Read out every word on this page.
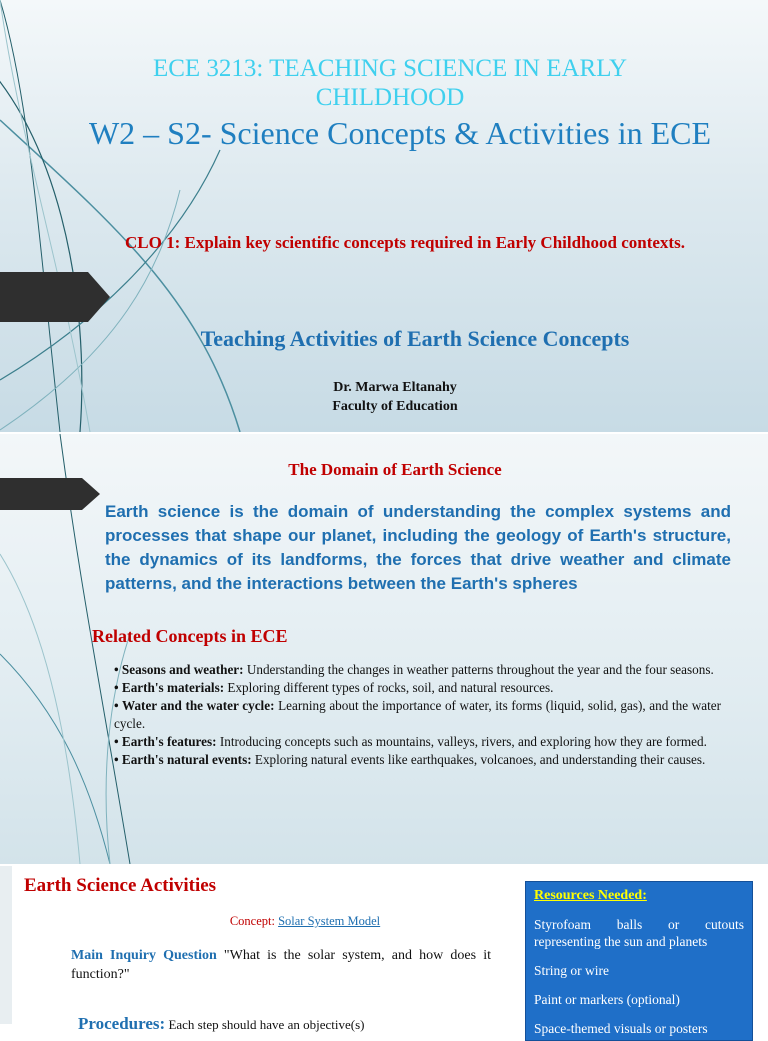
ECE 3213: TEACHING SCIENCE IN EARLY CHILDHOOD
W2 – S2- Science Concepts & Activities in ECE
CLO 1: Explain key scientific concepts required in Early Childhood contexts.
Teaching Activities of Earth Science Concepts
Dr. Marwa Eltanahy
Faculty of Education
The Domain of Earth Science
Earth science is the domain of understanding the complex systems and processes that shape our planet, including the geology of Earth's structure, the dynamics of its landforms, the forces that drive weather and climate patterns, and the interactions between the Earth's spheres
Related Concepts in ECE
• Seasons and weather: Understanding the changes in weather patterns throughout the year and the four seasons.
• Earth's materials: Exploring different types of rocks, soil, and natural resources.
• Water and the water cycle: Learning about the importance of water, its forms (liquid, solid, gas), and the water cycle.
• Earth's features: Introducing concepts such as mountains, valleys, rivers, and exploring how they are formed.
• Earth's natural events: Exploring natural events like earthquakes, volcanoes, and understanding their causes.
Earth Science Activities
Concept: Solar System Model
Main Inquiry Question "What is the solar system, and how does it function?"
Procedures: Each step should have an objective(s)
Resources Needed:
Styrofoam balls or cutouts representing the sun and planets
String or wire
Paint or markers (optional)
Space-themed visuals or posters
